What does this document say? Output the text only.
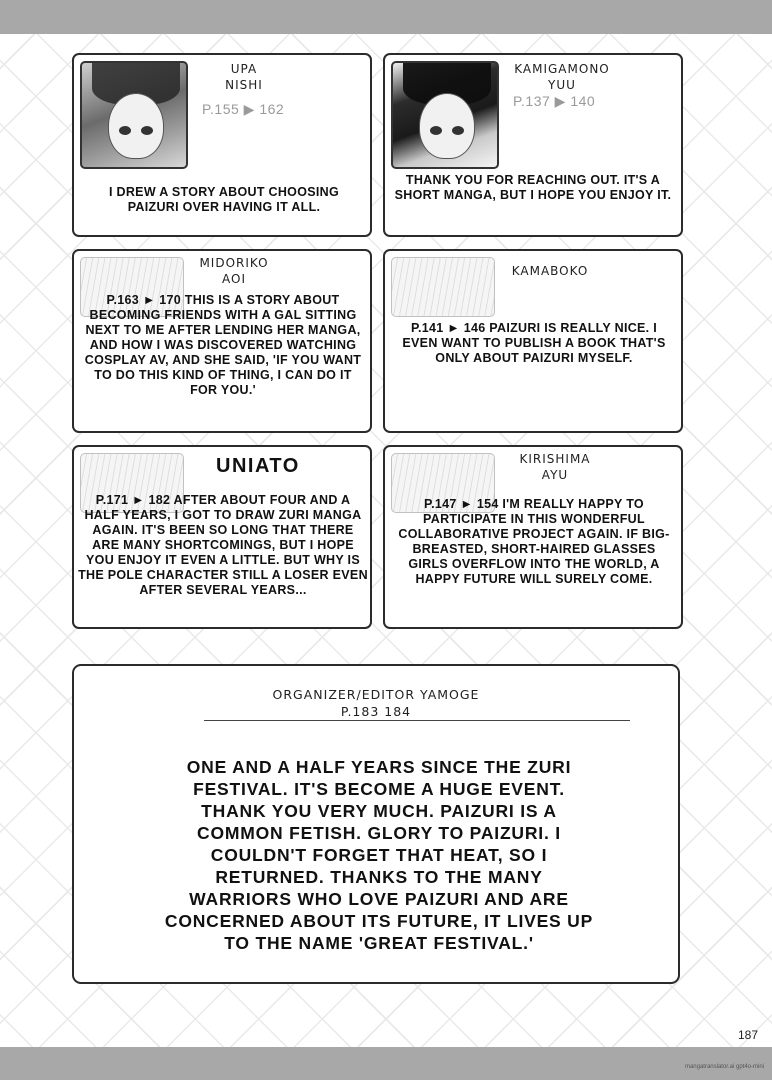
UPA
NISHI
P.155 ▶ 162
I DREW A STORY ABOUT CHOOSING PAIZURI OVER HAVING IT ALL.
KAMIGAMONO
YUU
P.137 ▶ 140
THANK YOU FOR REACHING OUT. IT'S A SHORT MANGA, BUT I HOPE YOU ENJOY IT.
MIDORIKO
AOI
P.163 ► 170 THIS IS A STORY ABOUT BECOMING FRIENDS WITH A GAL SITTING NEXT TO ME AFTER LENDING HER MANGA, AND HOW I WAS DISCOVERED WATCHING COSPLAY AV, AND SHE SAID, 'IF YOU WANT TO DO THIS KIND OF THING, I CAN DO IT FOR YOU.'
KAMABOKO
P.141 ► 146 PAIZURI IS REALLY NICE. I EVEN WANT TO PUBLISH A BOOK THAT'S ONLY ABOUT PAIZURI MYSELF.
UNIATO
P.171 ► 182 AFTER ABOUT FOUR AND A HALF YEARS, I GOT TO DRAW ZURI MANGA AGAIN. IT'S BEEN SO LONG THAT THERE ARE MANY SHORTCOMINGS, BUT I HOPE YOU ENJOY IT EVEN A LITTLE. BUT WHY IS THE POLE CHARACTER STILL A LOSER EVEN AFTER SEVERAL YEARS...
KIRISHIMA
AYU
P.147 ► 154 I'M REALLY HAPPY TO PARTICIPATE IN THIS WONDERFUL COLLABORATIVE PROJECT AGAIN. IF BIG-BREASTED, SHORT-HAIRED GLASSES GIRLS OVERFLOW INTO THE WORLD, A HAPPY FUTURE WILL SURELY COME.
ORGANIZER/EDITOR YAMOGE
P.183 184
ONE AND A HALF YEARS SINCE THE ZURI FESTIVAL. IT'S BECOME A HUGE EVENT. THANK YOU VERY MUCH. PAIZURI IS A COMMON FETISH. GLORY TO PAIZURI. I COULDN'T FORGET THAT HEAT, SO I RETURNED. THANKS TO THE MANY WARRIORS WHO LOVE PAIZURI AND ARE CONCERNED ABOUT ITS FUTURE, IT LIVES UP TO THE NAME 'GREAT FESTIVAL.'
187
mangatranslator.ai gpt4o-mini
